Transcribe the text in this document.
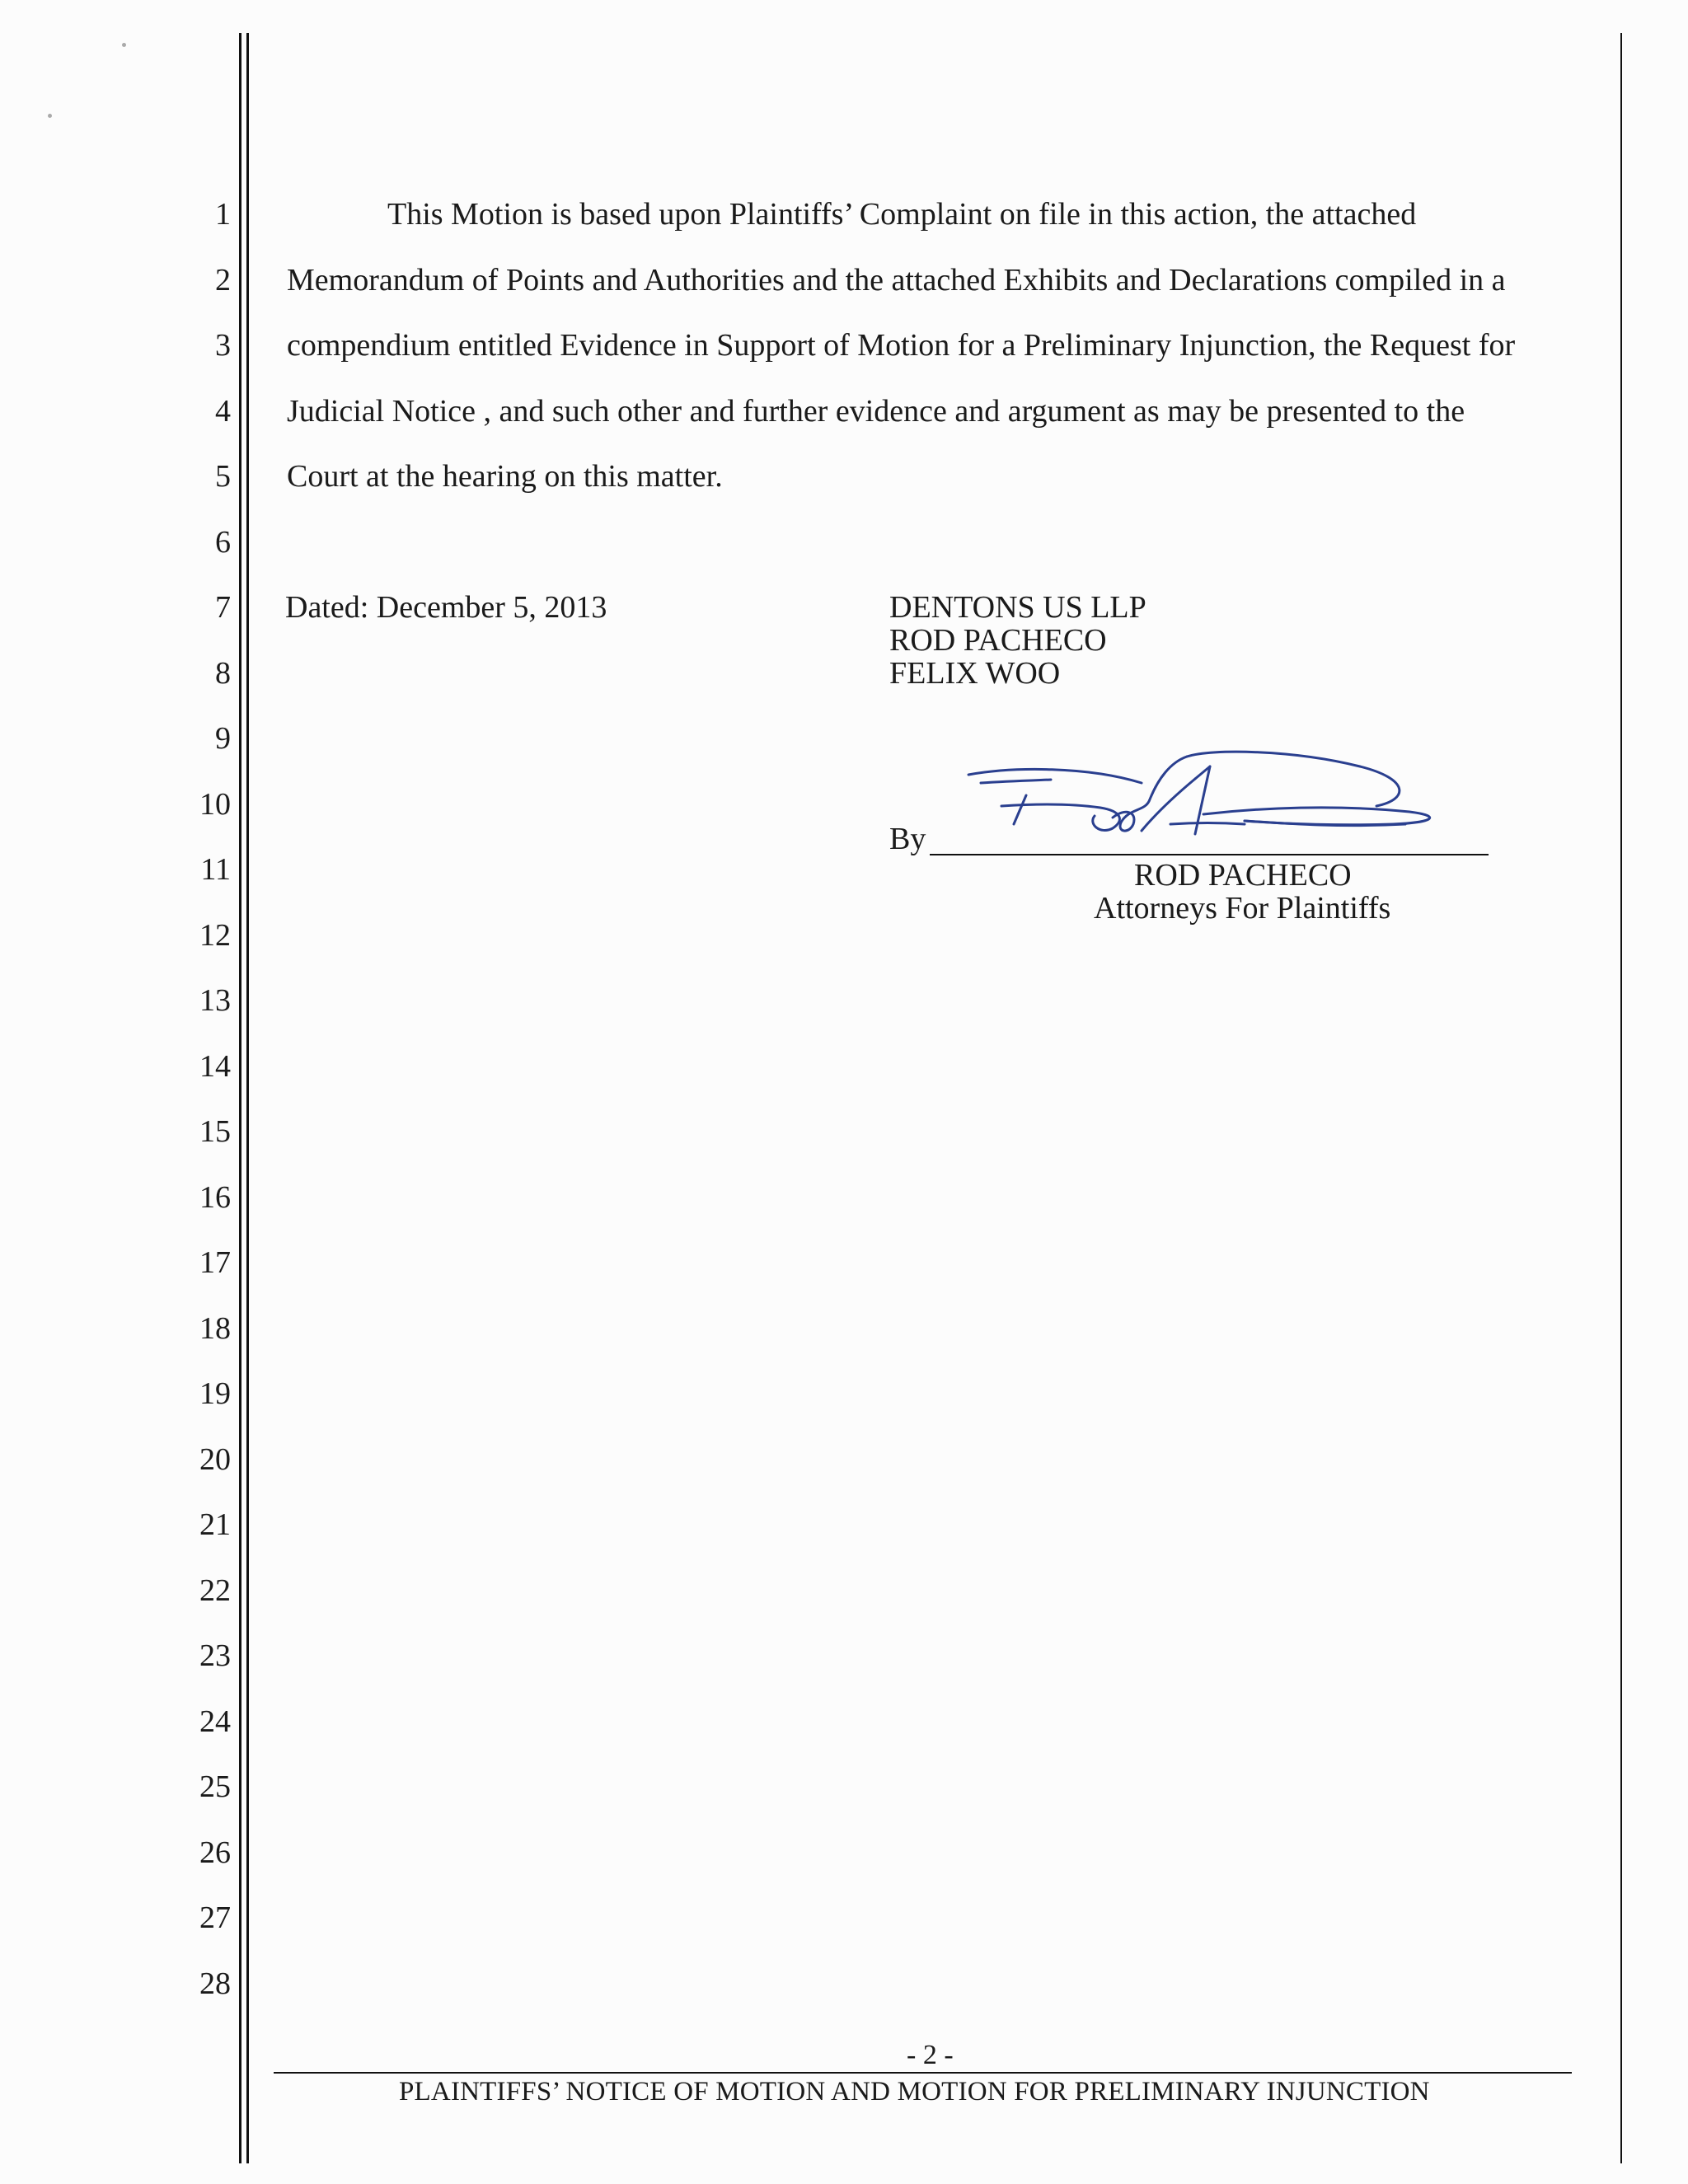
1
2
3
4
5
6
7
8
9
10
11
12
13
14
15
16
17
18
19
20
21
22
23
24
25
26
27
28
This Motion is based upon Plaintiffs’ Complaint on file in this action, the attached
Memorandum of Points and Authorities and the attached Exhibits and Declarations compiled in a
compendium entitled Evidence in Support of Motion for a Preliminary Injunction, the Request for
Judicial Notice , and such other and further evidence and argument as may be presented to the
Court at the hearing on this matter.
Dated: December 5, 2013	DENTONS US LLP
ROD PACHECO
FELIX WOO
By
ROD PACHECO
Attorneys For Plaintiffs
- 2 -
PLAINTIFFS’ NOTICE OF MOTION AND MOTION FOR PRELIMINARY INJUNCTION
